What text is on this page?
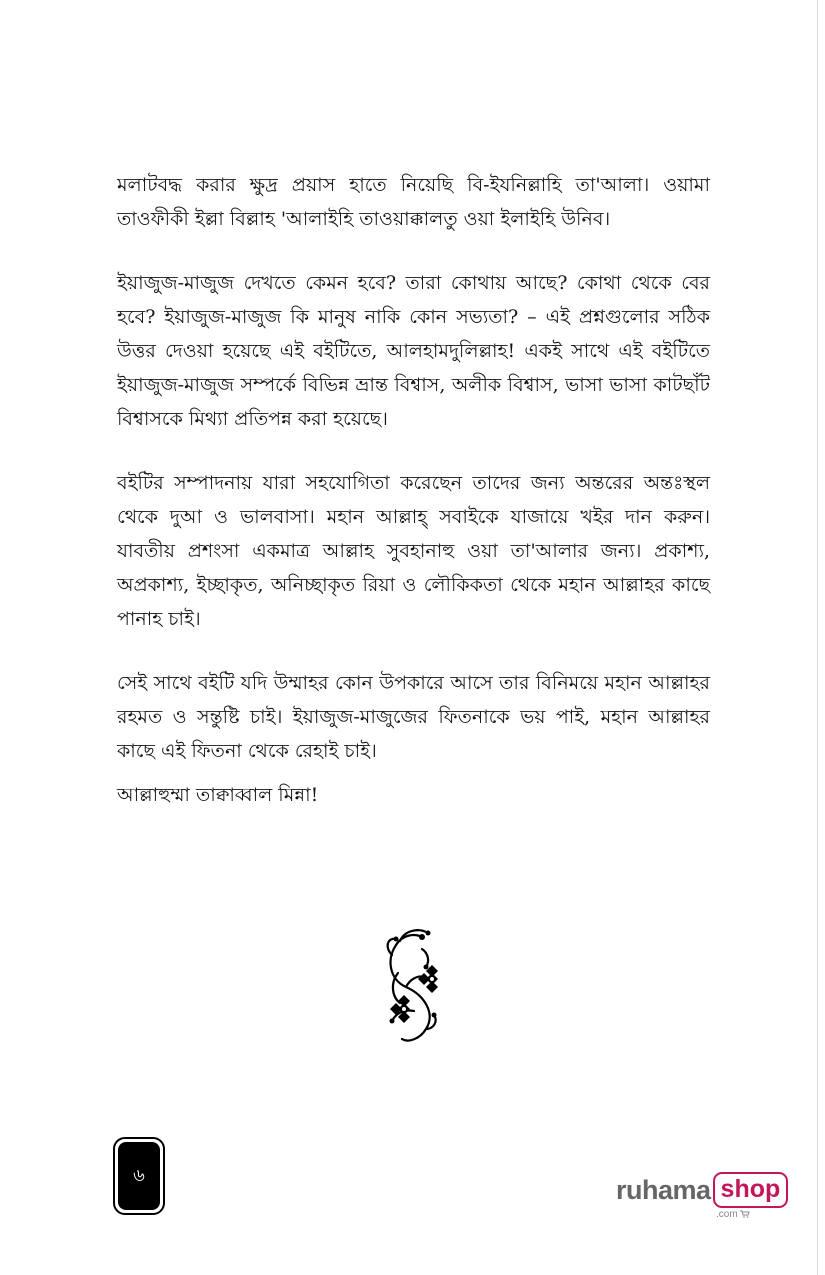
মলাটবদ্ধ করার ক্ষুদ্র প্রয়াস হাতে নিয়েছি বি-ইযনিল্লাহি তা'আলা। ওয়ামা তাওফীকী ইল্লা বিল্লাহ 'আলাইহি তাওয়াক্কালতু ওয়া ইলাইহি উনিব।

ইয়াজুজ-মাজুজ দেখতে কেমন হবে? তারা কোথায় আছে? কোথা থেকে বের হবে? ইয়াজুজ-মাজুজ কি মানুষ নাকি কোন সভ্যতা? – এই প্রশ্নগুলোর সঠিক উত্তর দেওয়া হয়েছে এই বইটিতে, আলহামদুলিল্লাহ! একই সাথে এই বইটিতে ইয়াজুজ-মাজুজ সম্পর্কে বিভিন্ন ভ্রান্ত বিশ্বাস, অলীক বিশ্বাস, ভাসা ভাসা কাটছাঁট বিশ্বাসকে মিথ্যা প্রতিপন্ন করা হয়েছে।

বইটির সম্পাদনায় যারা সহযোগিতা করেছেন তাদের জন্য অন্তরের অন্তঃস্থল থেকে দুআ ও ভালবাসা। মহান আল্লাহ্‌ সবাইকে যাজায়ে খইর দান করুন। যাবতীয় প্রশংসা একমাত্র আল্লাহ সুবহানাহু ওয়া তা'আলার জন্য। প্রকাশ্য, অপ্রকাশ্য, ইচ্ছাকৃত, অনিচ্ছাকৃত রিয়া ও লৌকিকতা থেকে মহান আল্লাহর কাছে পানাহ চাই।

সেই সাথে বইটি যদি উম্মাহর কোন উপকারে আসে তার বিনিময়ে মহান আল্লাহর রহমত ও সন্তুষ্টি চাই। ইয়াজুজ-মাজুজের ফিতনাকে ভয় পাই, মহান আল্লাহর কাছে এই ফিতনা থেকে রেহাই চাই।

আল্লাহুম্মা তাক্বাব্বাল মিন্না!

৬	ruhama shop
.com
